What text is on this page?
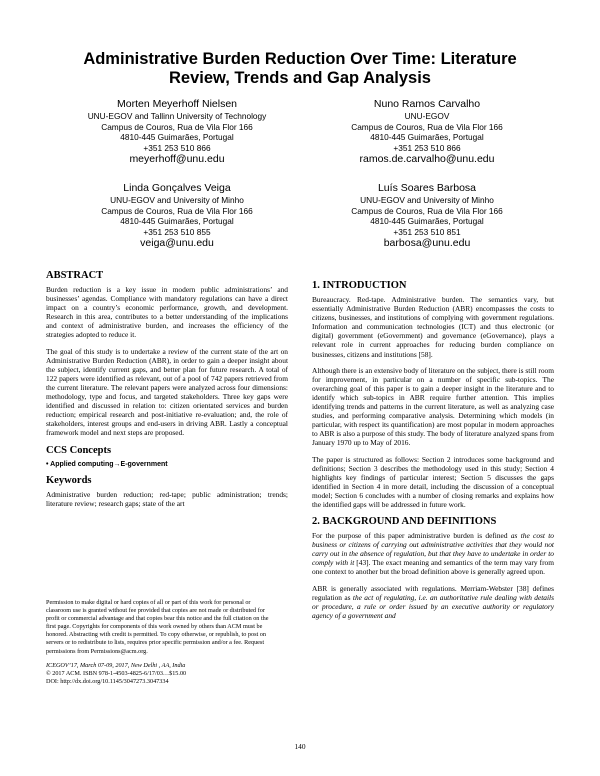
Administrative Burden Reduction Over Time: Literature
Review, Trends and Gap Analysis
Morten Meyerhoff Nielsen
UNU-EGOV and Tallinn University of Technology
Campus de Couros, Rua de Vila Flor 166
4810-445 Guimarães, Portugal
+351 253 510 866
meyerhoff@unu.edu
Nuno Ramos Carvalho
UNU-EGOV
Campus de Couros, Rua de Vila Flor 166
4810-445 Guimarães, Portugal
+351 253 510 866
ramos.de.carvalho@unu.edu
Linda Gonçalves Veiga
UNU-EGOV and University of Minho
Campus de Couros, Rua de Vila Flor 166
4810-445 Guimarães, Portugal
+351 253 510 855
veiga@unu.edu
Luís Soares Barbosa
UNU-EGOV and University of Minho
Campus de Couros, Rua de Vila Flor 166
4810-445 Guimarães, Portugal
+351 253 510 851
barbosa@unu.edu
ABSTRACT

Burden reduction is a key issue in modern public administrations’ and businesses’ agendas. Compliance with mandatory regulations can have a direct impact on a country’s economic performance, growth, and development. Research in this area, contributes to a better understanding of the implications and context of administrative burden, and increases the efficiency of the strategies adopted to reduce it.

The goal of this study is to undertake a review of the current state of the art on Administrative Burden Reduction (ABR), in order to gain a deeper insight about the subject, identify current gaps, and better plan for future research. A total of 122 papers were identified as relevant, out of a pool of 742 papers retrieved from the current literature. The relevant papers were analyzed across four dimensions: methodology, type and focus, and targeted stakeholders. Three key gaps were identified and discussed in relation to: citizen orientated services and burden reduction; empirical research and post-initiative re-evaluation; and, the role of stakeholders, interest groups and end-users in driving ABR. Lastly a conceptual framework model and next steps are proposed.

CCS Concepts
• Applied computing→E-government
Keywords

Administrative burden reduction; red-tape; public administration; trends; literature review; research gaps; state of the art

Permission to make digital or hard copies of all or part of this work for personal or classroom use is granted without fee provided that copies are not made or distributed for profit or commercial advantage and that copies bear this notice and the full citation on the first page. Copyrights for components of this work owned by others than ACM must be honored. Abstracting with credit is permitted. To copy otherwise, or republish, to post on servers or to redistribute to lists, requires prior specific permission and/or a fee. Request permissions from Permissions@acm.org.

ICEGOV’17, March 07-09, 2017, New Delhi , AA, India
© 2017 ACM. ISBN 978-1-4503-4825-6/17/03…$15.00
DOI: http://dx.doi.org/10.1145/3047273.3047334
1. INTRODUCTION

Bureaucracy. Red-tape. Administrative burden. The semantics vary, but essentially Administrative Burden Reduction (ABR) encompasses the costs to citizens, businesses, and institutions of complying with government regulations. Information and communication technologies (ICT) and thus electronic (or digital) government (eGovernment) and governance (eGovernance), plays a relevant role in current approaches for reducing burden compliance on businesses, citizens and institutions [58].

Although there is an extensive body of literature on the subject, there is still room for improvement, in particular on a number of specific sub-topics. The overarching goal of this paper is to gain a deeper insight in the literature and to identify which sub-topics in ABR require further attention. This implies identifying trends and patterns in the current literature, as well as analyzing case studies, and performing comparative analysis. Determining which models (in particular, with respect its quantification) are most popular in modern approaches to ABR is also a purpose of this study. The body of literature analyzed spans from January 1970 up to May of 2016.

The paper is structured as follows: Section 2 introduces some background and definitions; Section 3 describes the methodology used in this study; Section 4 highlights key findings of particular interest; Section 5 discusses the gaps identified in Section 4 in more detail, including the discussion of a conceptual model; Section 6 concludes with a number of closing remarks and explains how the identified gaps will be addressed in future work.

2. BACKGROUND AND DEFINITIONS

For the purpose of this paper administrative burden is defined as the cost to business or citizens of carrying out administrative activities that they would not carry out in the absence of regulation, but that they have to undertake in order to comply with it [43]. The exact meaning and semantics of the term may vary from one context to another but the broad definition above is generally agreed upon.

ABR is generally associated with regulations. Merriam-Webster [38] defines regulation as the act of regulating, i.e. an authoritative rule dealing with details or procedure, a rule or order issued by an executive authority or regulatory agency of a government and

140
